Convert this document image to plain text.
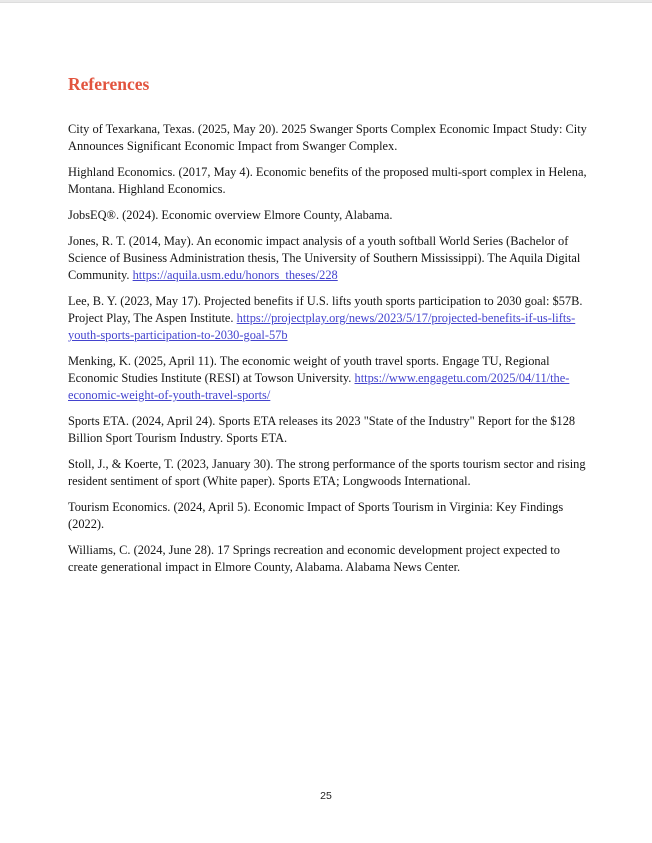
References

City of Texarkana, Texas. (2025, May 20). 2025 Swanger Sports Complex Economic Impact Study: City Announces Significant Economic Impact from Swanger Complex.

Highland Economics. (2017, May 4). Economic benefits of the proposed multi-sport complex in Helena, Montana. Highland Economics.

JobsEQ®. (2024). Economic overview Elmore County, Alabama.

Jones, R. T. (2014, May). An economic impact analysis of a youth softball World Series (Bachelor of Science of Business Administration thesis, The University of Southern Mississippi). The Aquila Digital Community. https://aquila.usm.edu/honors_theses/228

Lee, B. Y. (2023, May 17). Projected benefits if U.S. lifts youth sports participation to 2030 goal: $57B. Project Play, The Aspen Institute. https://projectplay.org/news/2023/5/17/projected-benefits-if-us-lifts-youth-sports-participation-to-2030-goal-57b

Menking, K. (2025, April 11). The economic weight of youth travel sports. Engage TU, Regional Economic Studies Institute (RESI) at Towson University. https://www.engagetu.com/2025/04/11/the-economic-weight-of-youth-travel-sports/

Sports ETA. (2024, April 24). Sports ETA releases its 2023 "State of the Industry" Report for the $128 Billion Sport Tourism Industry. Sports ETA.

Stoll, J., & Koerte, T. (2023, January 30). The strong performance of the sports tourism sector and rising resident sentiment of sport (White paper). Sports ETA; Longwoods International.

Tourism Economics. (2024, April 5). Economic Impact of Sports Tourism in Virginia: Key Findings (2022).

Williams, C. (2024, June 28). 17 Springs recreation and economic development project expected to create generational impact in Elmore County, Alabama. Alabama News Center.

25
